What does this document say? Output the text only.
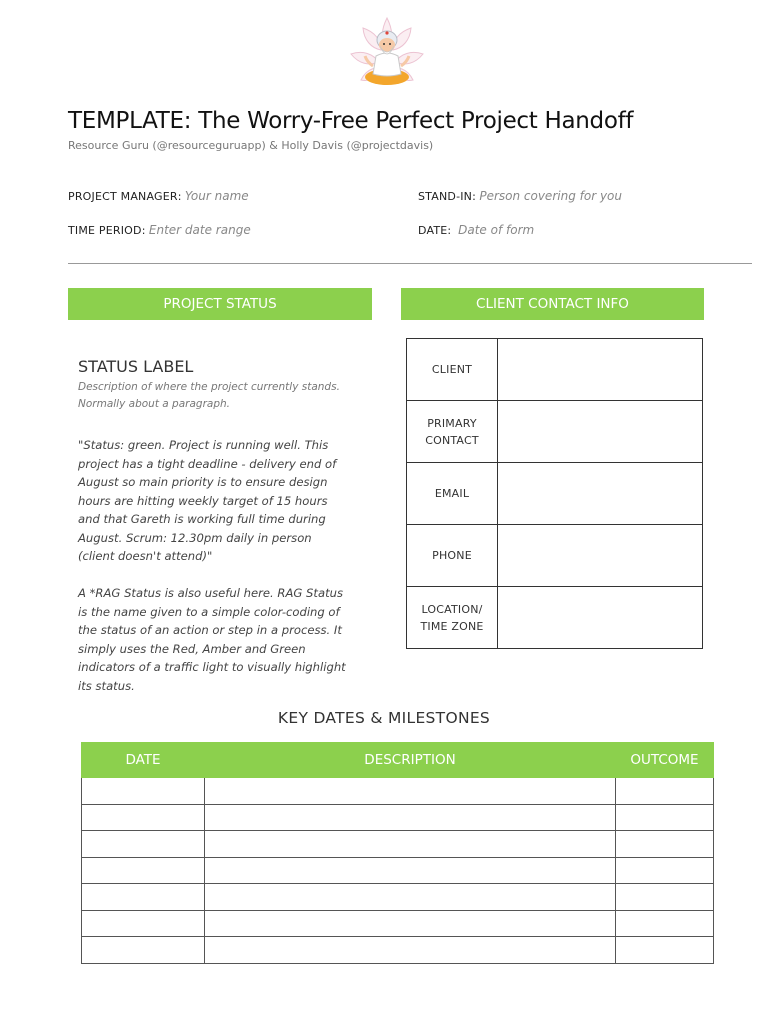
TEMPLATE: The Worry-Free Perfect Project Handoff
Resource Guru (@resourceguruapp) & Holly Davis (@projectdavis)
PROJECT MANAGER: Your name	STAND-IN: Person covering for you
TIME PERIOD: Enter date range	DATE:  Date of form
PROJECT STATUS	CLIENT CONTACT INFO
STATUS LABEL
Description of where the project currently stands. Normally about a paragraph.
"Status: green. Project is running well. This project has a tight deadline - delivery end of August so main priority is to ensure design hours are hitting weekly target of 15 hours and that Gareth is working full time during August. Scrum: 12.30pm daily in person (client doesn't attend)"
A *RAG Status is also useful here. RAG Status is the name given to a simple color-coding of the status of an action or step in a process. It simply uses the Red, Amber and Green indicators of a traffic light to visually highlight its status.
CLIENT	
PRIMARY CONTACT	
EMAIL	
PHONE	
LOCATION/ TIME ZONE	
KEY DATES & MILESTONES
DATE	DESCRIPTION	OUTCOME
